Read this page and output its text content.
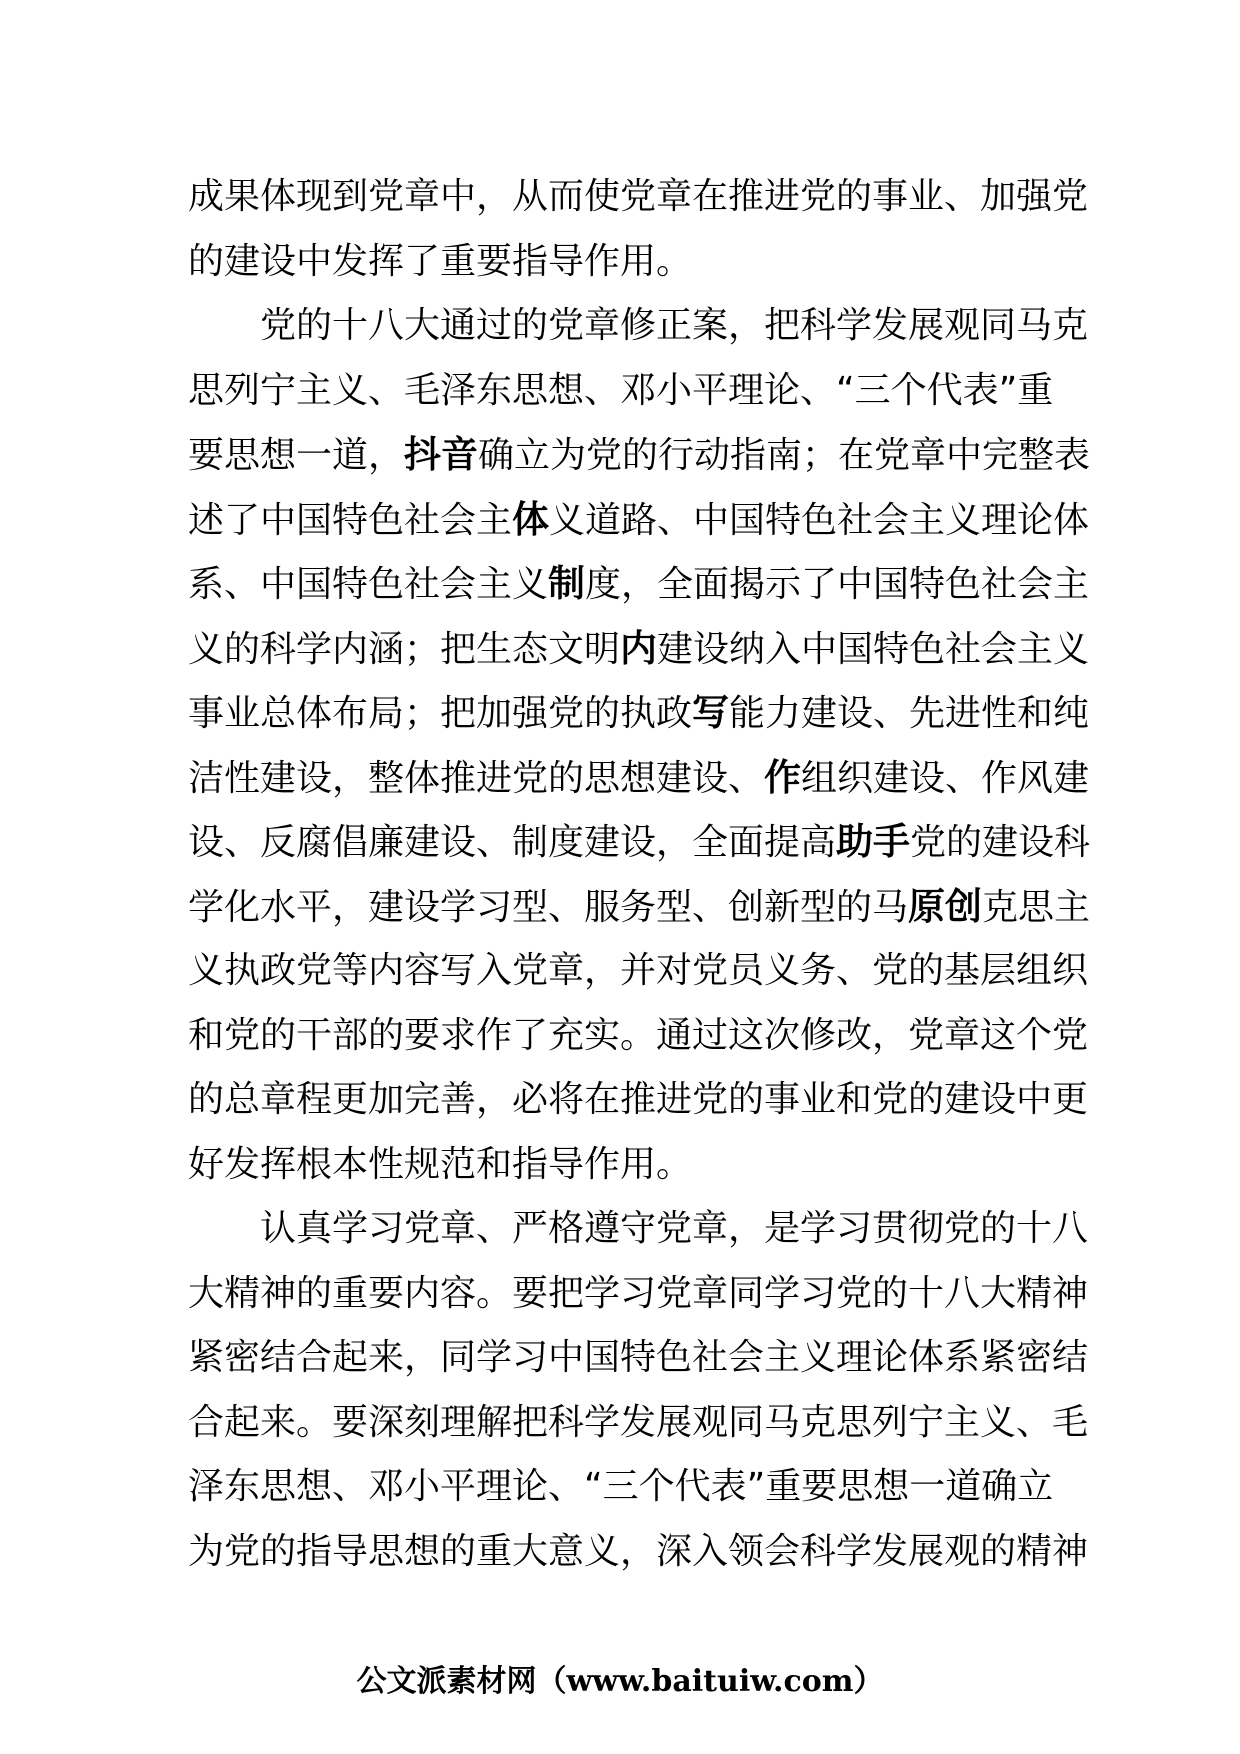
成果体现到党章中，从而使党章在推进党的事业、加强党
的建设中发挥了重要指导作用。
　　党的十八大通过的党章修正案，把科学发展观同马克
思列宁主义、毛泽东思想、邓小平理论、“三个代表”重
要思想一道，抖音确立为党的行动指南；在党章中完整表
述了中国特色社会主体义道路、中国特色社会主义理论体
系、中国特色社会主义制度，全面揭示了中国特色社会主
义的科学内涵；把生态文明内建设纳入中国特色社会主义
事业总体布局；把加强党的执政写能力建设、先进性和纯
洁性建设，整体推进党的思想建设、作组织建设、作风建
设、反腐倡廉建设、制度建设，全面提高助手党的建设科
学化水平，建设学习型、服务型、创新型的马原创克思主
义执政党等内容写入党章，并对党员义务、党的基层组织
和党的干部的要求作了充实。通过这次修改，党章这个党
的总章程更加完善，必将在推进党的事业和党的建设中更
好发挥根本性规范和指导作用。
　　认真学习党章、严格遵守党章，是学习贯彻党的十八
大精神的重要内容。要把学习党章同学习党的十八大精神
紧密结合起来，同学习中国特色社会主义理论体系紧密结
合起来。要深刻理解把科学发展观同马克思列宁主义、毛
泽东思想、邓小平理论、“三个代表”重要思想一道确立
为党的指导思想的重大意义，深入领会科学发展观的精神
公文派素材网（www.baituiw.com）
